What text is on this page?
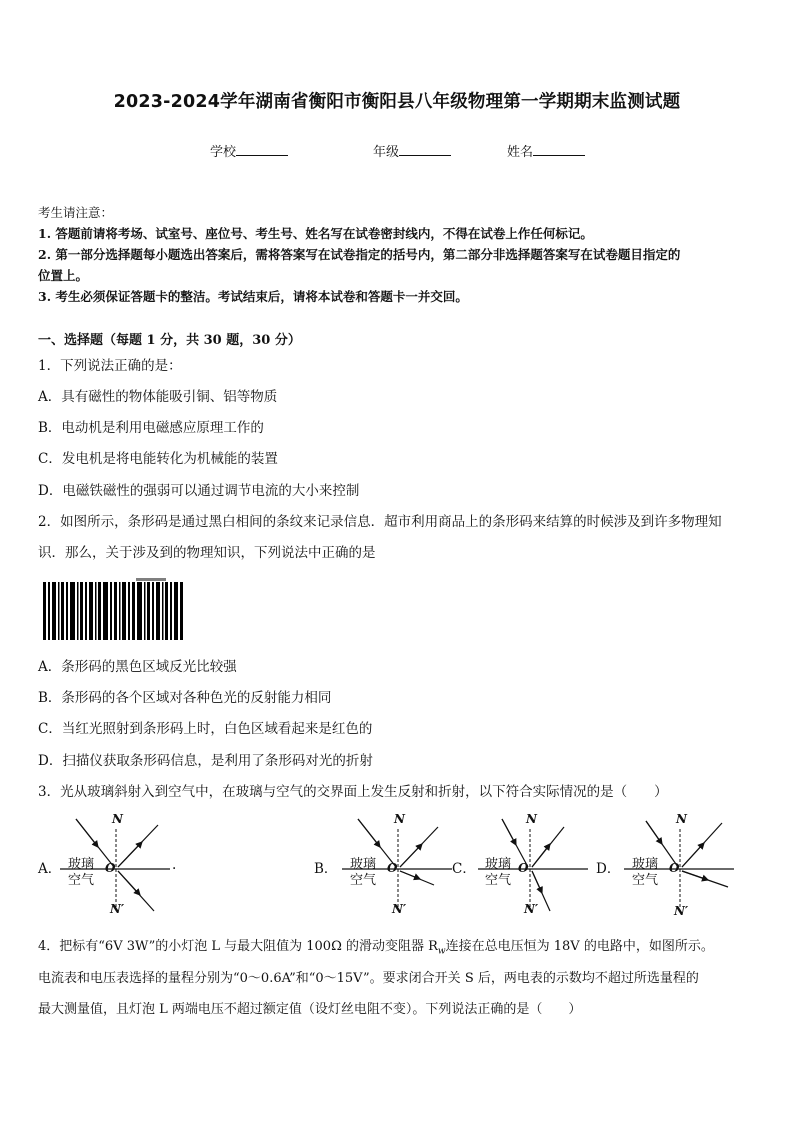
2023-2024学年湖南省衡阳市衡阳县八年级物理第一学期期末监测试题
学校	年级	姓名
考生请注意：
1. 答题前请将考场、试室号、座位号、考生号、姓名写在试卷密封线内，不得在试卷上作任何标记。
2. 第一部分选择题每小题选出答案后，需将答案写在试卷指定的括号内，第二部分非选择题答案写在试卷题目指定的
位置上。
3. 考生必须保证答题卡的整洁。考试结束后，请将本试卷和答题卡一并交回。
一、选择题（每题 1 分，共 30 题，30 分）
1．下列说法正确的是：
A．具有磁性的物体能吸引铜、铝等物质
B．电动机是利用电磁感应原理工作的
C．发电机是将电能转化为机械能的装置
D．电磁铁磁性的强弱可以通过调节电流的大小来控制
2．如图所示，条形码是通过黑白相间的条纹来记录信息．超市利用商品上的条形码来结算的时候涉及到许多物理知
识．那么，关于涉及到的物理知识，下列说法中正确的是
A．条形码的黑色区域反光比较强
B．条形码的各个区域对各种色光的反射能力相同
C．当红光照射到条形码上时，白色区域看起来是红色的
D．扫描仪获取条形码信息，是利用了条形码对光的折射
3．光从玻璃斜射入到空气中，在玻璃与空气的交界面上发生反射和折射，以下符合实际情况的是（　　）
A．	.	B．	C．	D．
N
玻璃
空气
O
N′
N
玻璃
空气
O
N′
N
玻璃
空气
O
N′
N
玻璃
空气
O
N′
4．把标有“6V 3W”的小灯泡 L 与最大阻值为 100Ω 的滑动变阻器 $R_w$连接在总电压恒为 18V 的电路中，如图所示。
电流表和电压表选择的量程分别为“0～0.6A”和“0～15V”。要求闭合开关 S 后，两电表的示数均不超过所选量程的
最大测量值，且灯泡 L 两端电压不超过额定值（设灯丝电阻不变）。下列说法正确的是（　　）
